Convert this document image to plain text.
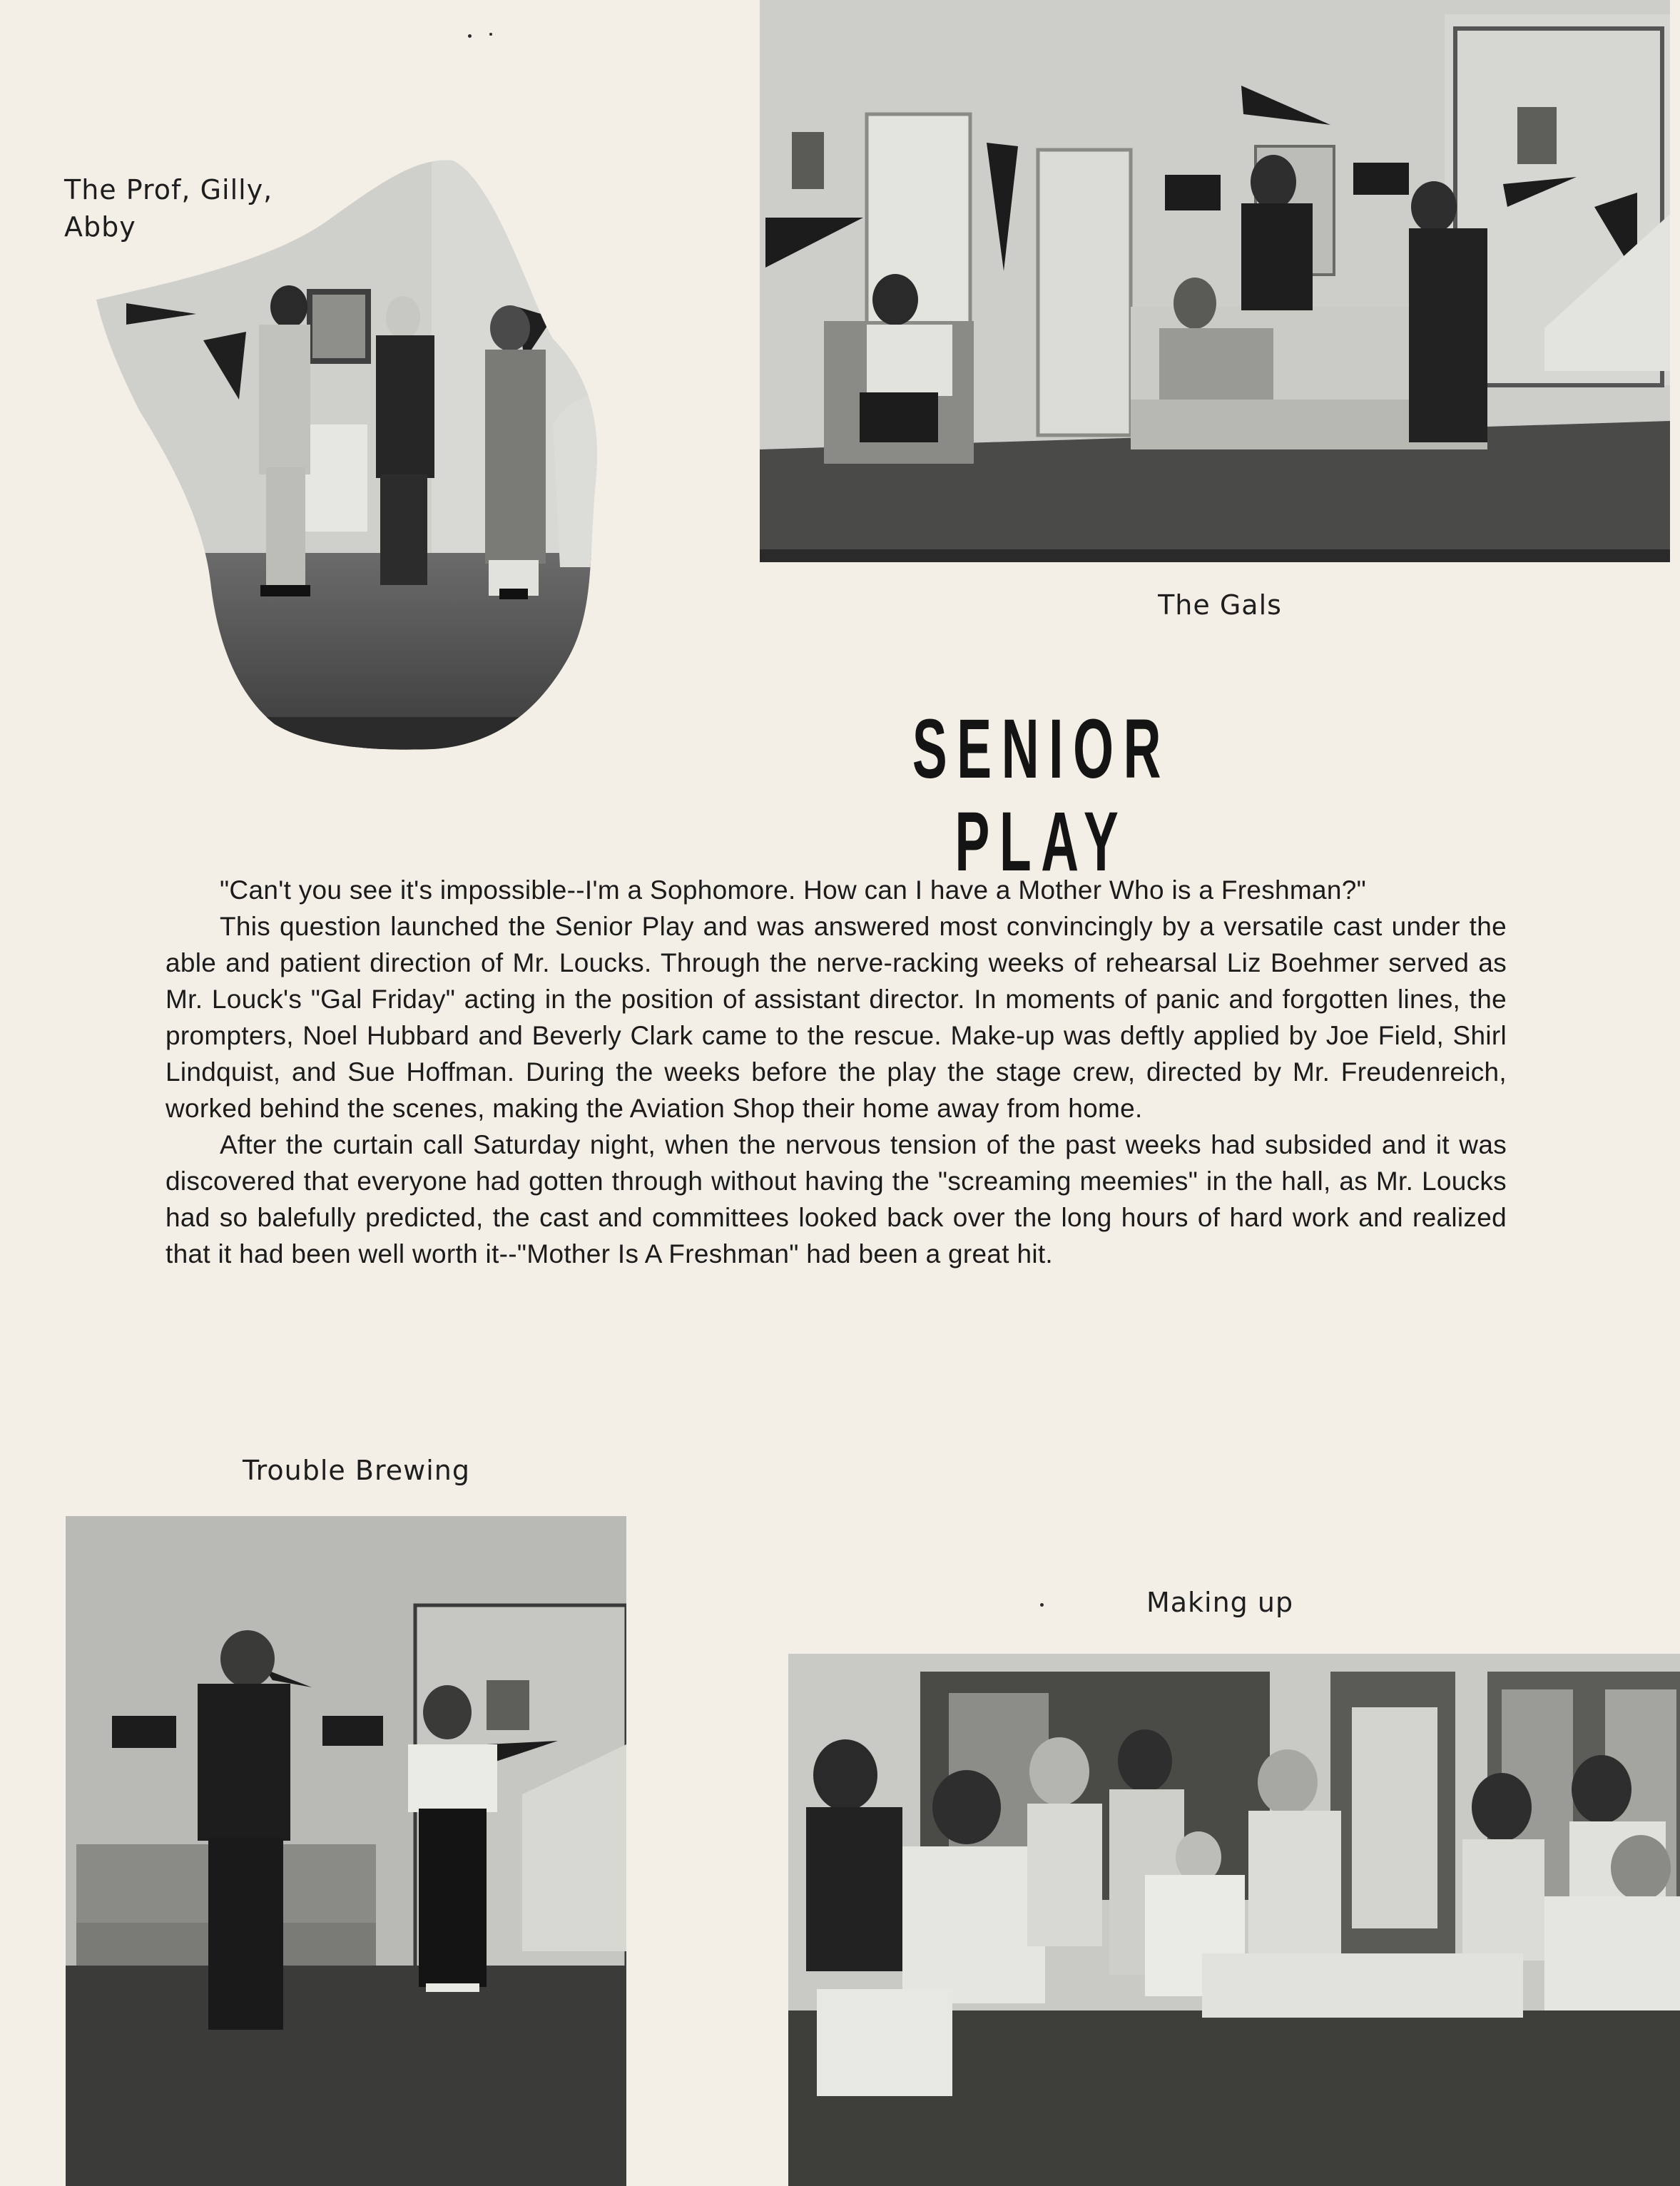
The Prof, Gilly, Abby
The Gals
SENIOR PLAY

"Can't you see it's impossible--I'm a Sophomore. How can I have a Mother Who is a Freshman?"

This question launched the Senior Play and was answered most convincingly by a versatile cast under the able and patient direction of Mr. Loucks. Through the nerve-racking weeks of rehearsal Liz Boehmer served as Mr. Louck's "Gal Friday" acting in the position of assistant director. In moments of panic and forgotten lines, the prompters, Noel Hubbard and Beverly Clark came to the rescue. Make-up was deftly applied by Joe Field, Shirl Lindquist, and Sue Hoffman. During the weeks before the play the stage crew, directed by Mr. Freudenreich, worked behind the scenes, making the Aviation Shop their home away from home.

After the curtain call Saturday night, when the nervous tension of the past weeks had subsided and it was discovered that everyone had gotten through without having the "screaming meemies" in the hall, as Mr. Loucks had so balefully predicted, the cast and committees looked back over the long hours of hard work and realized that it had been well worth it--"Mother Is A Freshman" had been a great hit.

Trouble Brewing
Making up
